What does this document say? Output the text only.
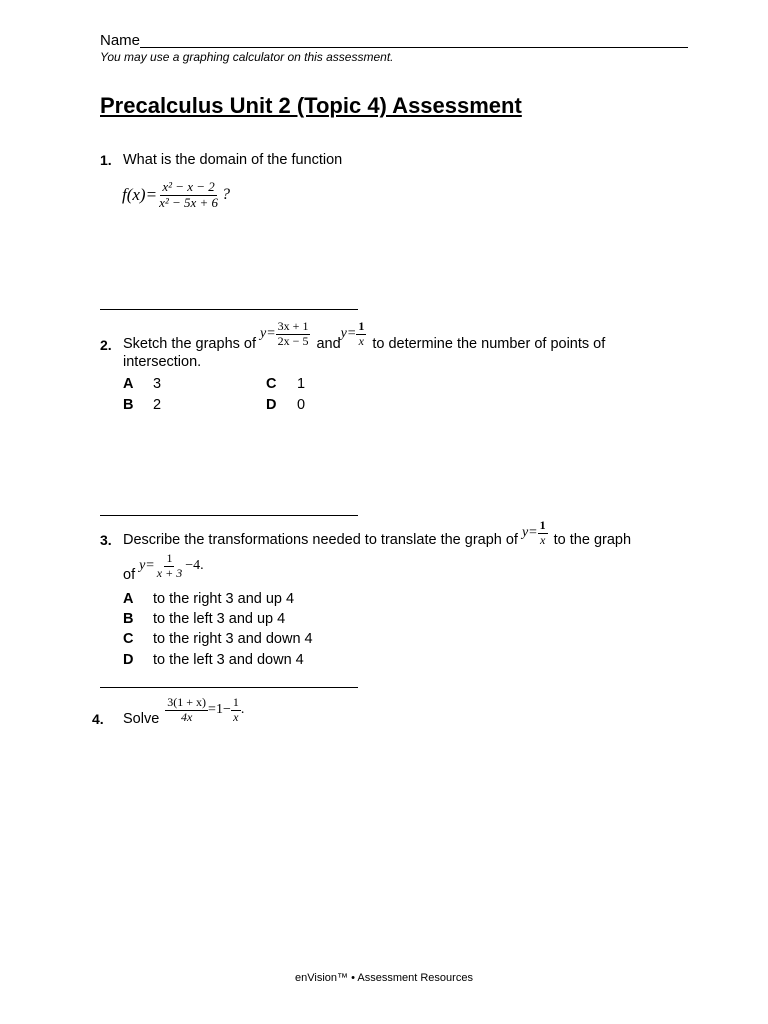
Name
You may use a graphing calculator on this assessment.
Precalculus Unit 2 (Topic 4) Assessment
1. What is the domain of the function
$f(x)= \frac{\text{x² − x − 2}}{\text{x² − 5x + 6}}$ ?
2. Sketch the graphs of
$y= \frac{3x + 1}{2x - 5}$ and
$y= \frac{1}{x}$ to determine the number of points of
intersection.
A 3
B 2
C 1
D 0
3. Describe the transformations needed to translate the graph of $y= \frac{1}{x}$ to the graph
of
$y= \frac{1}{x + 3} -4$.
A to the right 3 and up 4
B to the left 3 and up 4
C to the right 3 and down 4
D to the left 3 and down 4
4. Solve $\frac{3(1 + x)}{4x} =1- \frac{1}{x}$ .
enVision™ • Assessment Resources
